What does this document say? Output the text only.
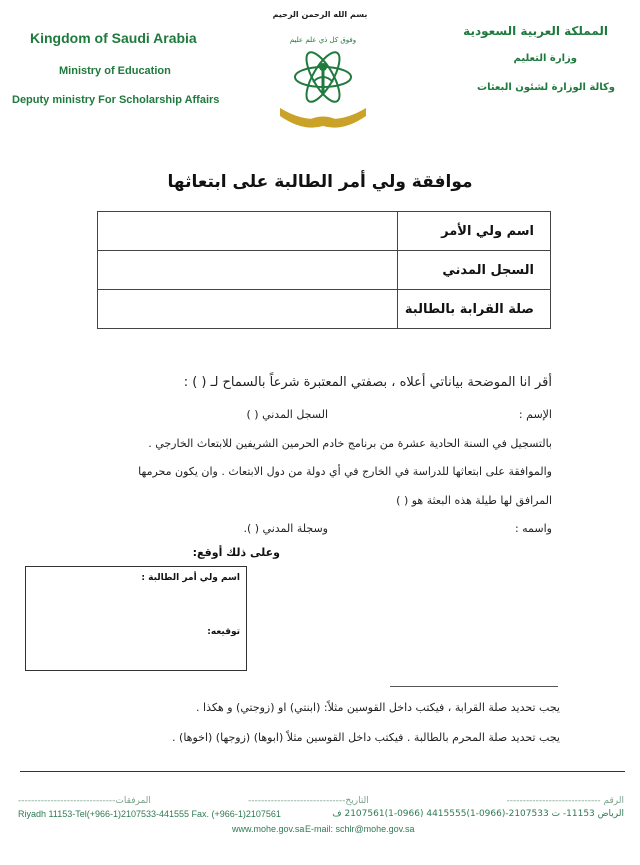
بسم الله الرحمن الرحيم
Kingdom of Saudi Arabia
Ministry of Education
Deputy ministry For Scholarship Affairs
المملكة العربية السعودية
وزارة التعليم
وكالة الوزارة لشئون البعثات
وفوق كل ذي علم عليم
موافقة ولي أمر الطالبة على ابتعاثها
اسم ولي الأمر	
السجل المدني	
صلة القرابة بالطالبة	
أقر انا الموضحة بياناتي أعلاه ، بصفتي المعتبرة شرعاً بالسماح لـ ( ) :
الإسم :
السجل المدني ( )
بالتسجيل في السنة الحادية عشرة من برنامج خادم الحرمين الشريفين للابتعاث الخارجي .
والموافقة على ابتعاثها للدراسة في الخارج في أي دولة من دول الابتعاث . وان يكون محرمها
المرافق لها طيلة هذه البعثة هو ( )
واسمه :
وسجلة المدني ( ).
وعلى ذلك أوقع:
اسم ولي أمر الطالبة :
توقيعه:
يجب تحديد صلة القرابة ، فيكتب داخل القوسين مثلاً: (ابنتي) او (زوجتي) و هكذا .
يجب تحديد صلة المحرم بالطالبة . فيكتب داخل القوسين مثلاً (ابوها) (زوجها) (اخوها) .
المرفقات------------------------------	التاريخ------------------------------	الرقم -----------------------------
Riyadh 11153-Tel(+966-1)2107533-441555 Fax. (+966-1)2107561	الرياض 11153- ت 2107533-(0966-1)4415555 (0966-1)2107561 ف
www.mohe.gov.sa E-mail: schlr@mohe.gov.sa
